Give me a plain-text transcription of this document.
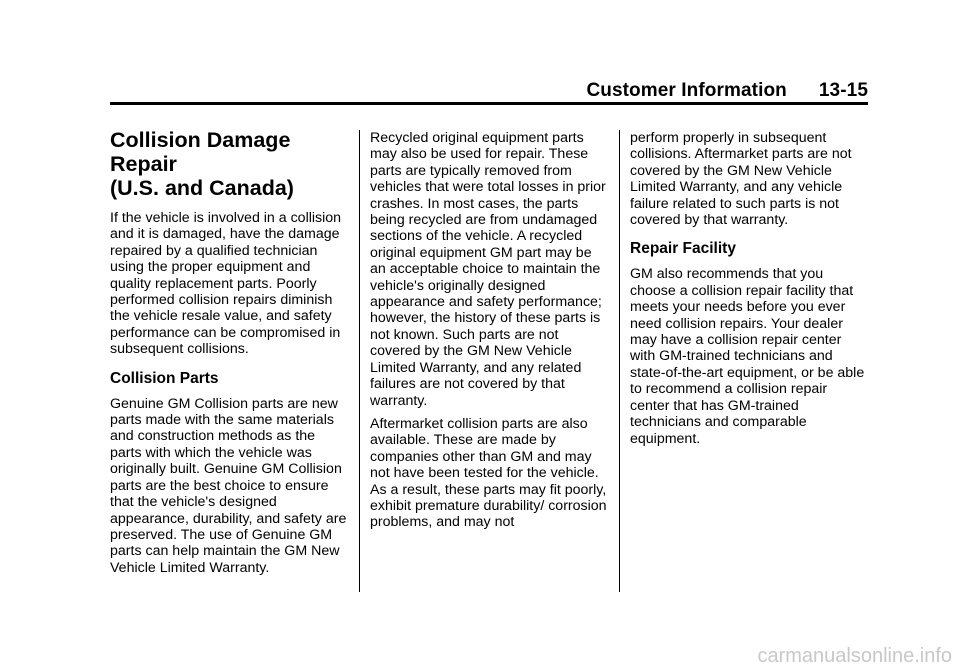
Customer Information 13-15
Collision Damage Repair
(U.S. and Canada)

If the vehicle is involved in a collision and it is damaged, have the damage repaired by a qualified technician using the proper equipment and quality replacement parts. Poorly performed collision repairs diminish the vehicle resale value, and safety performance can be compromised in subsequent collisions.

Collision Parts

Genuine GM Collision parts are new parts made with the same materials and construction methods as the parts with which the vehicle was originally built. Genuine GM Collision parts are the best choice to ensure that the vehicle's designed appearance, durability, and safety are preserved. The use of Genuine GM parts can help maintain the GM New Vehicle Limited Warranty.

Recycled original equipment parts may also be used for repair. These parts are typically removed from vehicles that were total losses in prior crashes. In most cases, the parts being recycled are from undamaged sections of the vehicle. A recycled original equipment GM part may be an acceptable choice to maintain the vehicle's originally designed appearance and safety performance; however, the history of these parts is not known. Such parts are not covered by the GM New Vehicle Limited Warranty, and any related failures are not covered by that warranty.

Aftermarket collision parts are also available. These are made by companies other than GM and may not have been tested for the vehicle. As a result, these parts may fit poorly, exhibit premature durability/ corrosion problems, and may not

perform properly in subsequent collisions. Aftermarket parts are not covered by the GM New Vehicle Limited Warranty, and any vehicle failure related to such parts is not covered by that warranty.

Repair Facility

GM also recommends that you choose a collision repair facility that meets your needs before you ever need collision repairs. Your dealer may have a collision repair center with GM-trained technicians and state-of-the-art equipment, or be able to recommend a collision repair center that has GM-trained technicians and comparable equipment.

carmanualsonline.info
